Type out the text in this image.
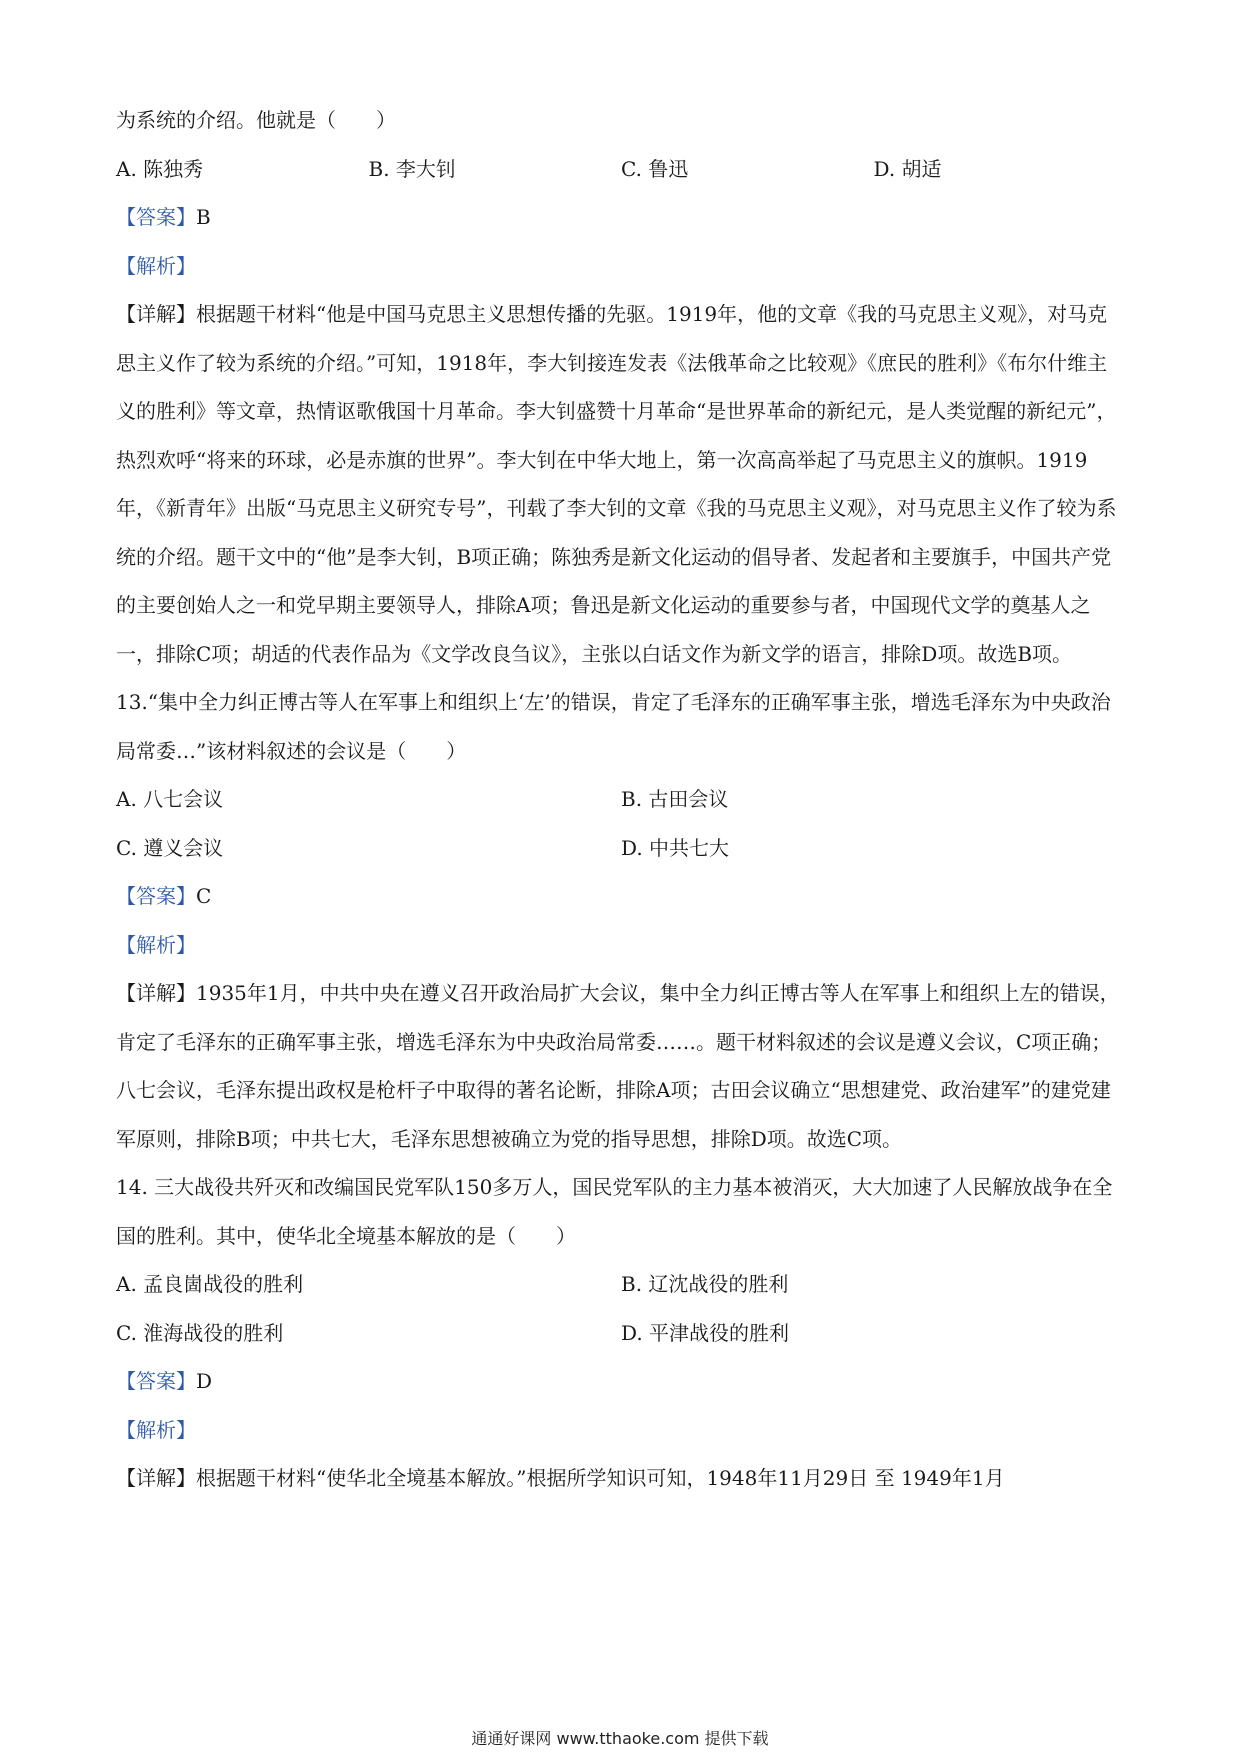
为系统的介绍。他就是（　　）
A. 陈独秀	B. 李大钊	C. 鲁迅	D. 胡适
【答案】B
【解析】
【详解】根据题干材料“他是中国马克思主义思想传播的先驱。1919年，他的文章《我的马克思主义观》，对马克思主义作了较为系统的介绍。”可知，1918年，李大钊接连发表《法俄革命之比较观》《庶民的胜利》《布尔什维主义的胜利》等文章，热情讴歌俄国十月革命。李大钊盛赞十月革命“是世界革命的新纪元，是人类觉醒的新纪元”，热烈欢呼“将来的环球，必是赤旗的世界”。李大钊在中华大地上，第一次高高举起了马克思主义的旗帜。1919年，《新青年》出版“马克思主义研究专号”，刊载了李大钊的文章《我的马克思主义观》，对马克思主义作了较为系统的介绍。题干文中的“他”是李大钊，B项正确；陈独秀是新文化运动的倡导者、发起者和主要旗手，中国共产党的主要创始人之一和党早期主要领导人，排除A项；鲁迅是新文化运动的重要参与者，中国现代文学的奠基人之一，排除C项；胡适的代表作品为《文学改良刍议》，主张以白话文作为新文学的语言，排除D项。故选B项。
13.“集中全力纠正博古等人在军事上和组织上‘左’的错误，肯定了毛泽东的正确军事主张，增选毛泽东为中央政治局常委…”该材料叙述的会议是（　　）
A. 八七会议	B. 古田会议
C. 遵义会议	D. 中共七大
【答案】C
【解析】
【详解】1935年1月，中共中央在遵义召开政治局扩大会议，集中全力纠正博古等人在军事上和组织上左的错误，肯定了毛泽东的正确军事主张，增选毛泽东为中央政治局常委……。题干材料叙述的会议是遵义会议，C项正确；八七会议，毛泽东提出政权是枪杆子中取得的著名论断，排除A项；古田会议确立“思想建党、政治建军”的建党建军原则，排除B项；中共七大，毛泽东思想被确立为党的指导思想，排除D项。故选C项。
14. 三大战役共歼灭和改编国民党军队150多万人，国民党军队的主力基本被消灭，大大加速了人民解放战争在全国的胜利。其中，使华北全境基本解放的是（　　）
A. 孟良崮战役的胜利	B. 辽沈战役的胜利
C. 淮海战役的胜利	D. 平津战役的胜利
【答案】D
【解析】
【详解】根据题干材料“使华北全境基本解放。”根据所学知识可知，1948年11月29日 至 1949年1月
通通好课网 www.tthaoke.com 提供下载
